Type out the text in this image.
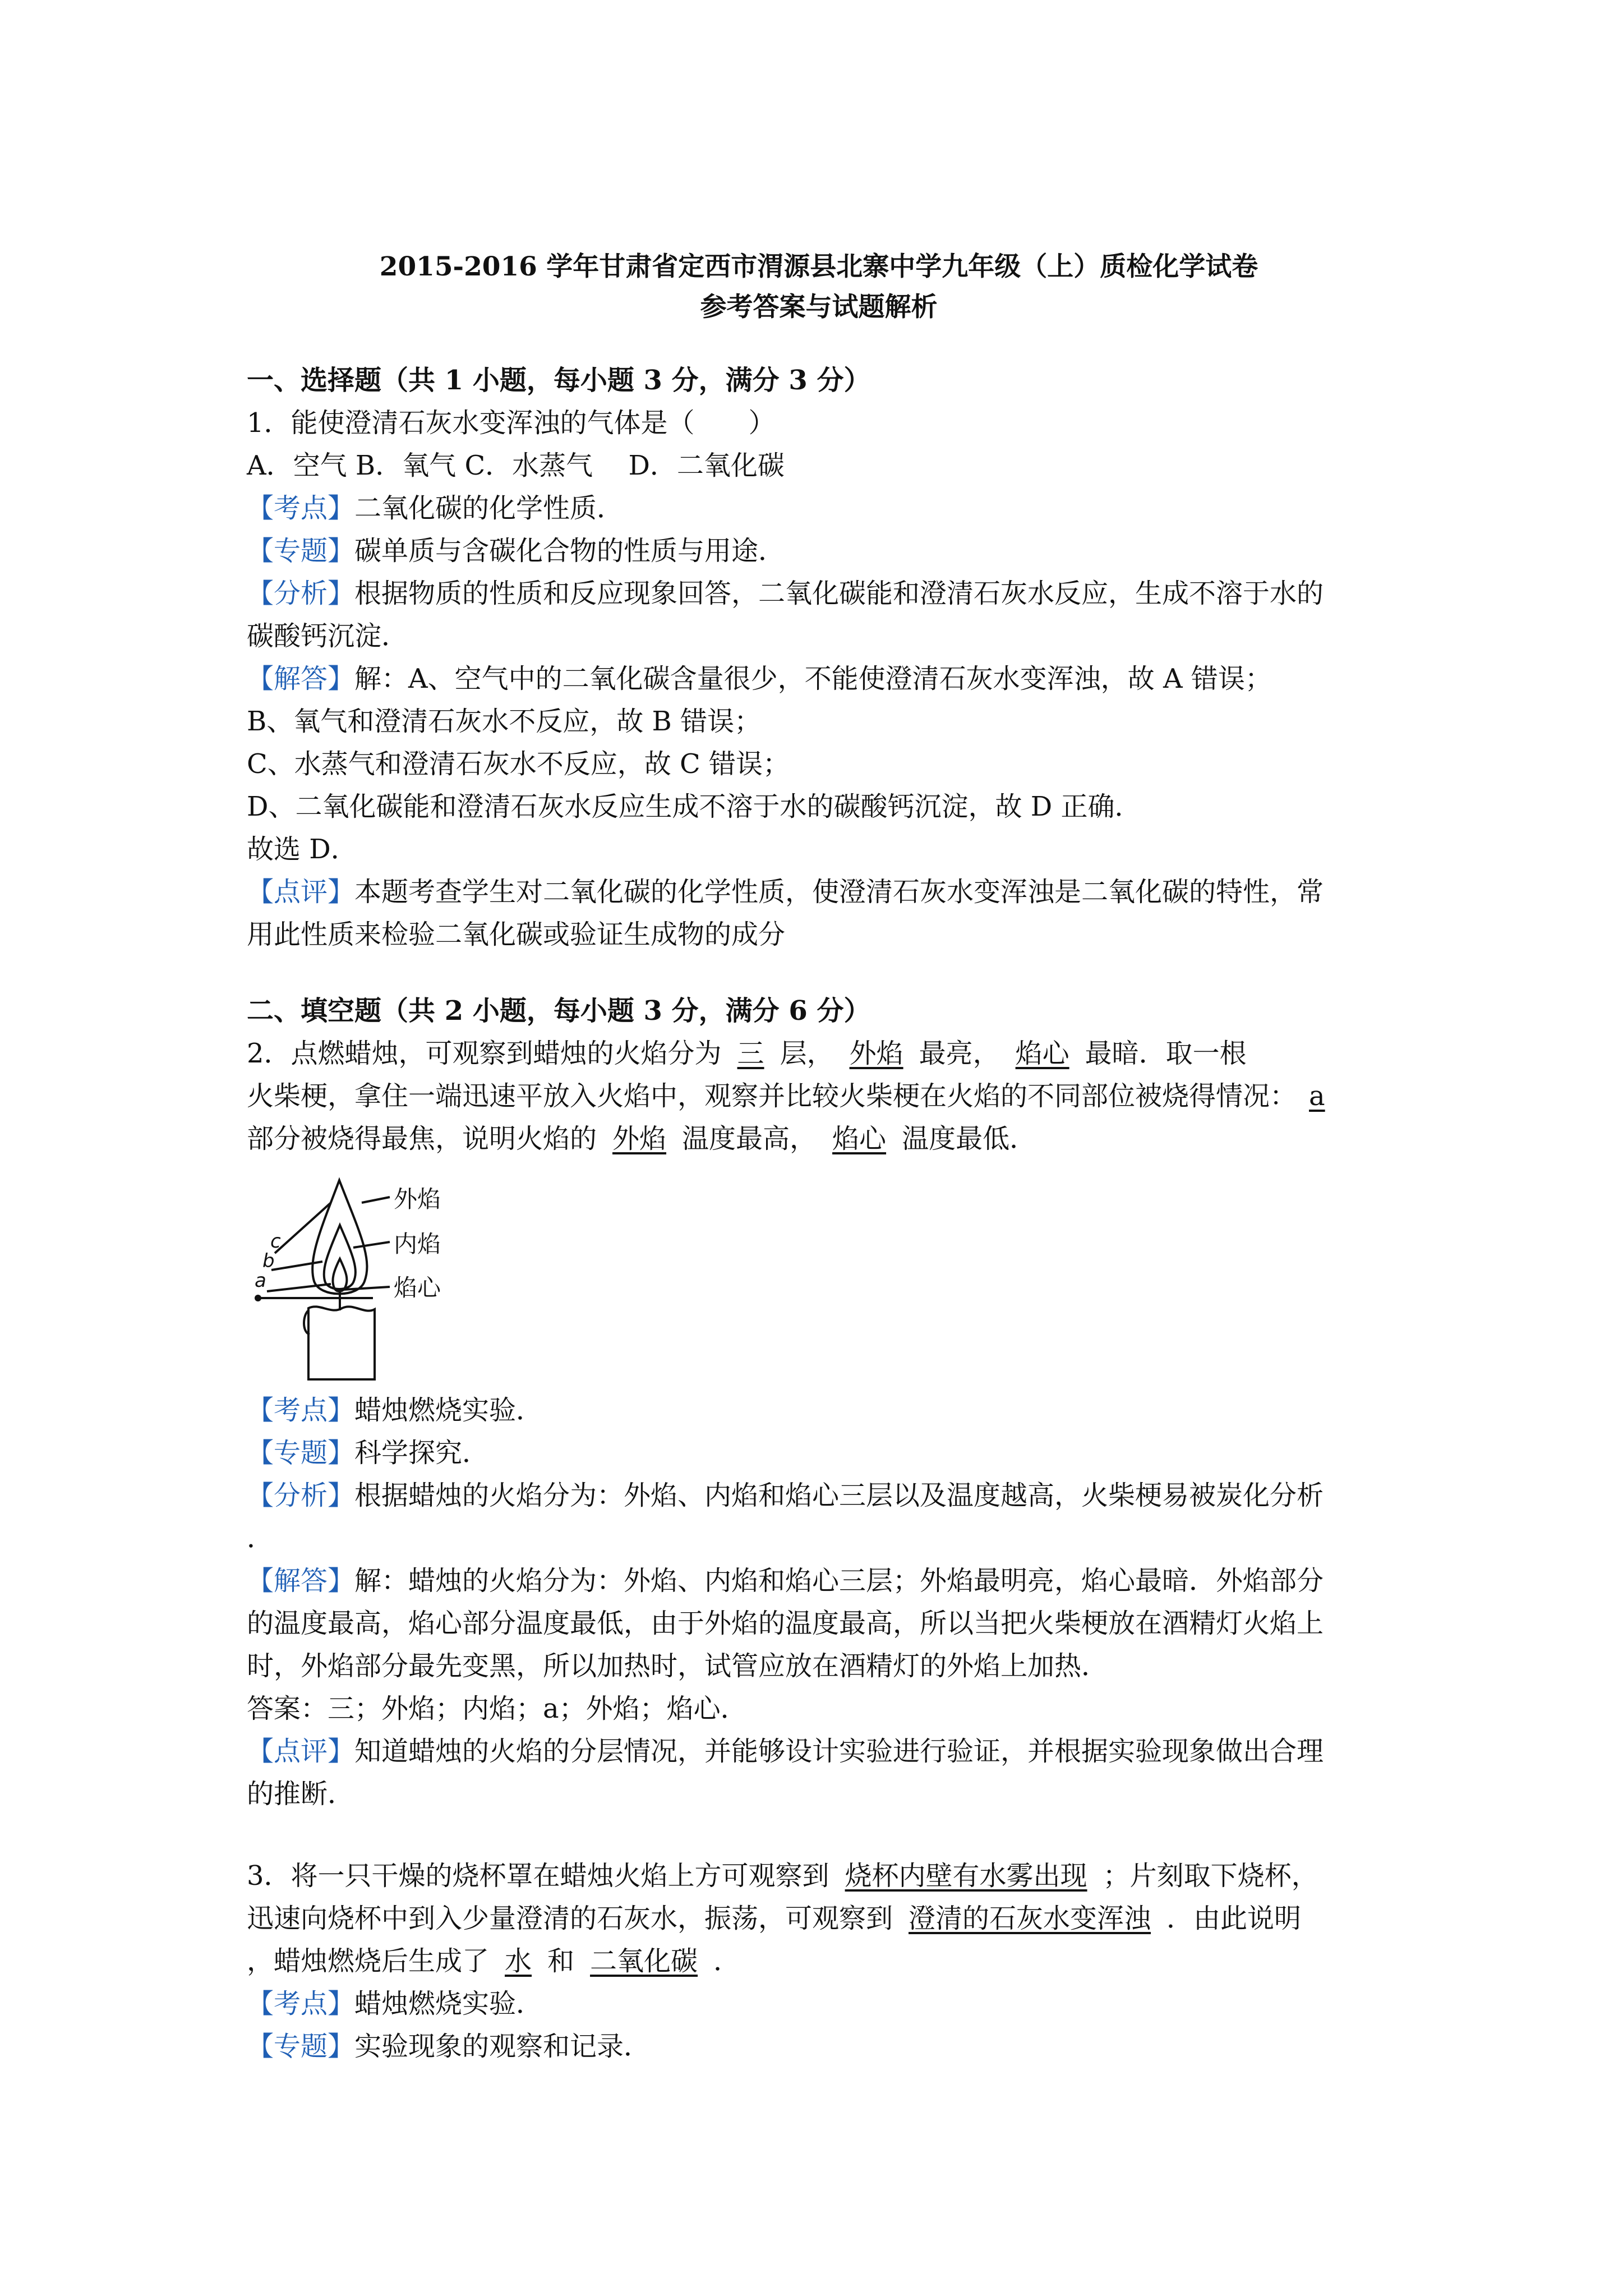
2015-2016 学年甘肃省定西市渭源县北寨中学九年级（上）质检化学试卷
参考答案与试题解析
一、选择题（共 1 小题，每小题 3 分，满分 3 分）
1．能使澄清石灰水变浑浊的气体是（　　）
A．空气 B．氧气 C．水蒸气　 D．二氧化碳
【考点】二氧化碳的化学性质．
【专题】碳单质与含碳化合物的性质与用途．
【分析】根据物质的性质和反应现象回答，二氧化碳能和澄清石灰水反应，生成不溶于水的
碳酸钙沉淀．
【解答】解：A、空气中的二氧化碳含量很少，不能使澄清石灰水变浑浊，故 A 错误；
B、氧气和澄清石灰水不反应，故 B 错误；
C、水蒸气和澄清石灰水不反应，故 C 错误；
D、二氧化碳能和澄清石灰水反应生成不溶于水的碳酸钙沉淀，故 D 正确．
故选 D．
【点评】本题考查学生对二氧化碳的化学性质，使澄清石灰水变浑浊是二氧化碳的特性，常
用此性质来检验二氧化碳或验证生成物的成分
二、填空题（共 2 小题，每小题 3 分，满分 6 分）
2．点燃蜡烛，可观察到蜡烛的火焰分为 三 层， 外焰 最亮， 焰心 最暗．取一根
火柴梗，拿住一端迅速平放入火焰中，观察并比较火柴梗在火焰的不同部位被烧得情况： a
部分被烧得最焦，说明火焰的 外焰 温度最高， 焰心 温度最低．
外焰
内焰
焰心
c
b
a
【考点】蜡烛燃烧实验．
【专题】科学探究．
【分析】根据蜡烛的火焰分为：外焰、内焰和焰心三层以及温度越高，火柴梗易被炭化分析
．
【解答】解：蜡烛的火焰分为：外焰、内焰和焰心三层；外焰最明亮，焰心最暗．外焰部分
的温度最高，焰心部分温度最低，由于外焰的温度最高，所以当把火柴梗放在酒精灯火焰上
时，外焰部分最先变黑，所以加热时，试管应放在酒精灯的外焰上加热．
答案：三；外焰；内焰；a；外焰；焰心．
【点评】知道蜡烛的火焰的分层情况，并能够设计实验进行验证，并根据实验现象做出合理
的推断．
3．将一只干燥的烧杯罩在蜡烛火焰上方可观察到 烧杯内壁有水雾出现 ；片刻取下烧杯，
迅速向烧杯中到入少量澄清的石灰水，振荡，可观察到 澄清的石灰水变浑浊 ．由此说明
，蜡烛燃烧后生成了 水 和 二氧化碳 ．
【考点】蜡烛燃烧实验．
【专题】实验现象的观察和记录．
